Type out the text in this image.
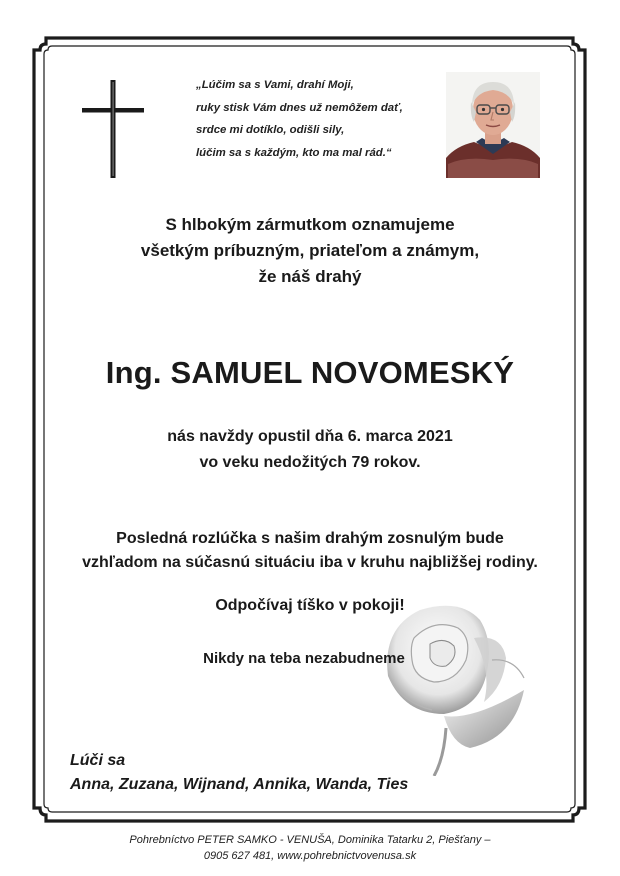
„Lúčim sa s Vami, drahí Moji,
ruky stisk Vám dnes už nemôžem dať,
srdce mi dotíklo, odišli sily,
lúčim sa s každým, kto ma mal rád.“
S hlbokým zármutkom oznamujeme
všetkým príbuzným, priateľom a známym,
že náš drahý
Ing. SAMUEL NOVOMESKÝ
nás navždy opustil dňa 6. marca 2021
vo veku nedožitých 79 rokov.
Posledná rozlúčka s našim drahým zosnulým bude
vzhľadom na súčasnú situáciu iba v kruhu najbližšej rodiny.
Odpočívaj tíško v pokoji!
Nikdy na teba nezabudneme
Lúči sa
Anna, Zuzana, Wijnand, Annika, Wanda, Ties
Pohrebníctvo PETER SAMKO - VENUŠA, Dominika Tatarku 2, Piešťany –
0905 627 481, www.pohrebnictvovenusa.sk
